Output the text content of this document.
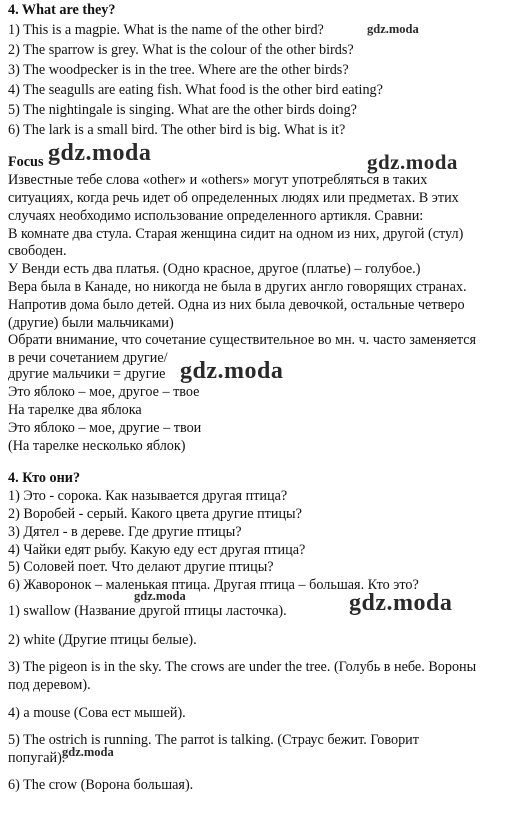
4. What are they?
1) This is a magpie. What is the name of the other bird?
2) The sparrow is grey. What is the colour of the other birds?
3) The woodpecker is in the tree. Where are the other birds?
4) The seagulls are eating fish. What food is the other bird eating?
5) The nightingale is singing. What are the other birds doing?
6) The lark is a small bird. The other bird is big. What is it?
Focus
Известные тебе слова «other» и «others» могут употребляться в таких
ситуациях, когда речь идет об определенных людях или предметах. В этих
случаях необходимо использование определенного артикля. Сравни:
В комнате два стула. Старая женщина сидит на одном из них, другой (стул)
свободен.
У Венди есть два платья. (Одно красное, другое (платье) – голубое.)
Вера была в Канаде, но никогда не была в других англо говорящих странах.
Напротив дома было детей. Одна из них была девочкой, остальные четверо
(другие) были мальчиками)
Обрати внимание, что сочетание существительное во мн. ч. часто заменяется
в речи сочетанием другие/
другие мальчики = другие
Это яблоко – мое, другое – твое
На тарелке два яблока
Это яблоко – мое, другие – твои
(На тарелке несколько яблок)
4. Кто они?
1) Это - сорока. Как называется другая птица?
2) Воробей - серый. Какого цвета другие птицы?
3) Дятел - в дереве. Где другие птицы?
4) Чайки едят рыбу. Какую еду ест другая птица?
5) Соловей поет. Что делают другие птицы?
6) Жаворонок – маленькая птица. Другая птица – большая. Кто это?
1) swallow (Название другой птицы ласточка).
2) white (Другие птицы белые).
3) The pigeon is in the sky. The crows are under the tree. (Голубь в небе. Вороны
под деревом).
4) a mouse (Сова ест мышей).
5) The ostrich is running. The parrot is talking. (Страус бежит. Говорит
попугай).
6) The crow (Ворона большая).
gdz.moda
gdz.moda	gdz.moda
gdz.moda
gdz.moda	gdz.moda
gdz.moda
